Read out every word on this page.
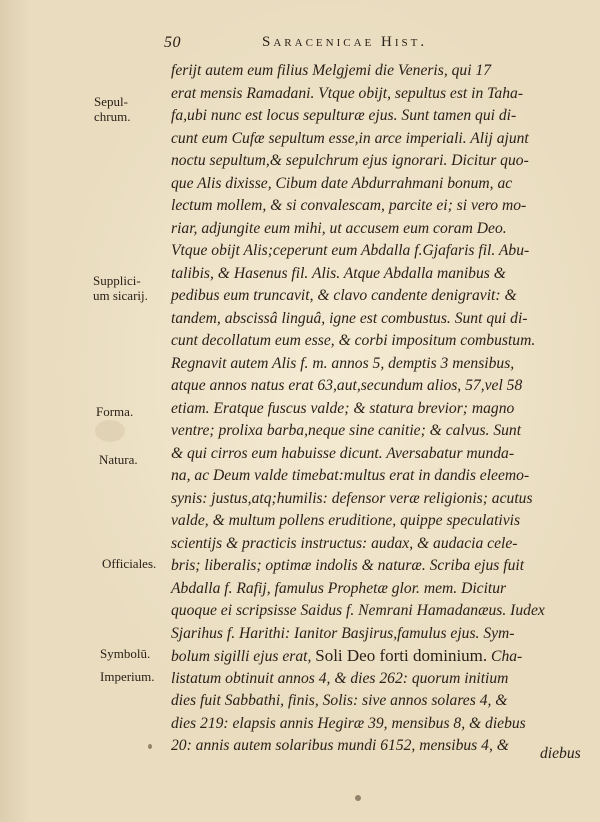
50	Saracenicae Hist.
Sepul-
chrum.
Supplici-
um sicarij.
Forma.
Natura.
Officiales.
Symbolū.
Imperium.
ferijt autem eum filius Melgjemi die Veneris, qui 17
erat mensis Ramadani. Vtque obijt, sepultus est in Taha-
fa,ubi nunc est locus sepulturæ ejus. Sunt tamen qui di-
cunt eum Cufæ sepultum esse,in arce imperiali. Alij ajunt
noctu sepultum,& sepulchrum ejus ignorari. Dicitur quo-
que Alis dixisse, Cibum date Abdurrahmani bonum, ac
lectum mollem, & si convalescam, parcite ei; si vero mo-
riar, adjungite eum mihi, ut accusem eum coram Deo.
Vtque obijt Alis;ceperunt eum Abdalla f.Gjafaris fil. Abu-
talibis, & Hasenus fil. Alis. Atque Abdalla manibus &
pedibus eum truncavit, & clavo candente denigravit: &
tandem, abscissâ linguâ, igne est combustus. Sunt qui di-
cunt decollatum eum esse, & corbi impositum combustum.
Regnavit autem Alis f. m. annos 5, demptis 3 mensibus,
atque annos natus erat 63,aut,secundum alios, 57,vel 58
etiam. Eratque fuscus valde; & statura brevior; magno
ventre; prolixa barba,neque sine canitie; & calvus. Sunt
& qui cirros eum habuisse dicunt. Aversabatur mundа-
na, ac Deum valde timebat:multus erat in dandis eleemo-
synis: justus,atq;humilis: defensor veræ religionis; acutus
valde, & multum pollens eruditione, quippe speculativis
scientijs & practicis instructus: audax, & audacia cele-
bris; liberalis; optimæ indolis & naturæ. Scriba ejus fuit
Abdalla f. Rafij, famulus Prophetæ glor. mem. Dicitur
quoque ei scripsisse Saidus f. Nemrani Hamadanæus. Iudex
Sjarihus f. Harithi: Ianitor Basjirus,famulus ejus. Sym-
bolum sigilli ejus erat, Soli Deo forti dominium. Cha-
listatum obtinuit annos 4, & dies 262: quorum initium
dies fuit Sabbathi, finis, Solis: sive annos solares 4, &
dies 219: elapsis annis Hegiræ 39, mensibus 8, & diebus
20: annis autem solaribus mundi 6152, mensibus 4, &	diebus
